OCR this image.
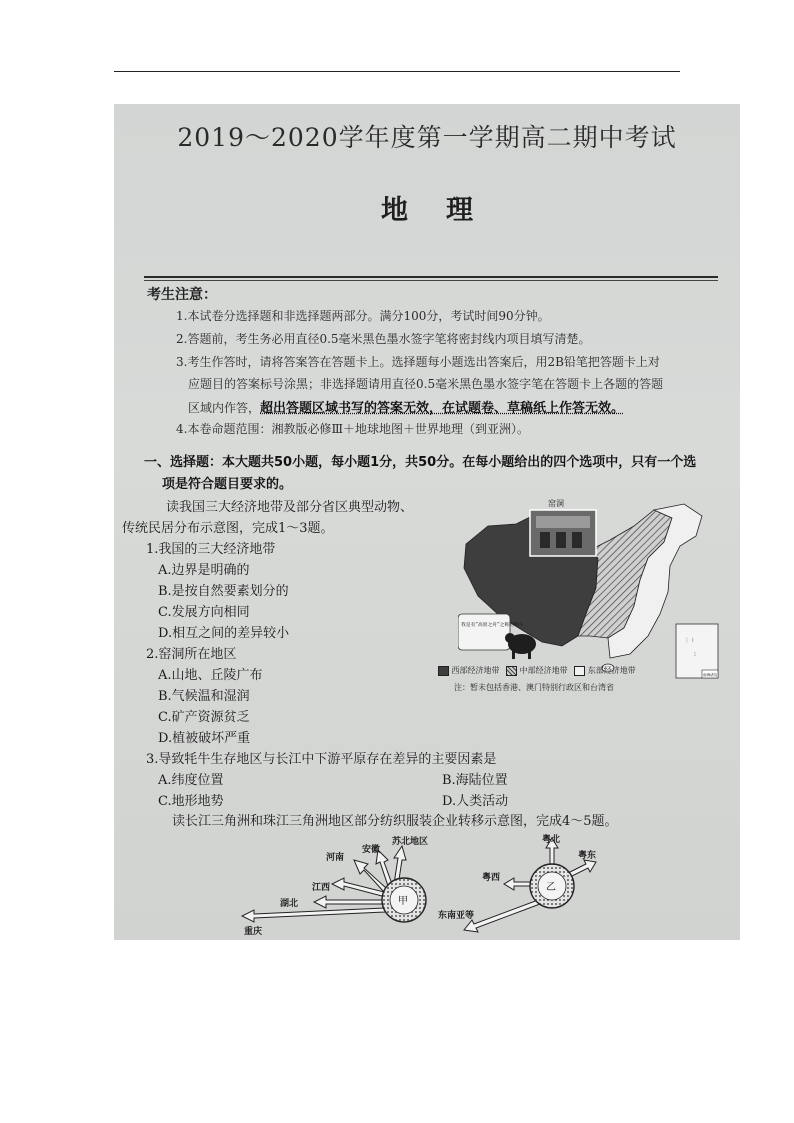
2019～2020学年度第一学期高二期中考试
地理
考生注意：
1.本试卷分选择题和非选择题两部分。满分100分，考试时间90分钟。
2.答题前，考生务必用直径0.5毫米黑色墨水签字笔将密封线内项目填写清楚。
3.考生作答时，请将答案答在答题卡上。选择题每小题选出答案后，用2B铅笔把答题卡上对
应题目的答案标号涂黑；非选择题请用直径0.5毫米黑色墨水签字笔在答题卡上各题的答题
区域内作答，超出答题区域书写的答案无效，在试题卷、草稿纸上作答无效。
4.本卷命题范围：湘教版必修Ⅲ＋地球地图＋世界地理（到亚洲）。
一、选择题：本大题共50小题，每小题1分，共50分。在每小题给出的四个选项中，只有一个选
项是符合题目要求的。
读我国三大经济地带及部分省区典型动物、
传统民居分布示意图，完成1～3题。
1.我国的三大经济地带
A.边界是明确的
B.是按自然要素划分的
C.发展方向相同
D.相互之间的差异较小
2.窑洞所在地区
A.山地、丘陵广布
B.气候温和湿润
C.矿产资源贫乏
D.植被破坏严重
3.导致牦牛生存地区与长江中下游平原存在差异的主要因素是
A.纬度位置	B.海陆位置
C.地形地势	D.人类活动
窑洞
我是有“高原之舟”之称的牦牛
⋮ ⁞
⁝
南海诸岛
西部经济地带	中部经济地带	东部经济地带
注：暂未包括香港、澳门特别行政区和台湾省
读长江三角洲和珠江三角洲地区部分纺织服装企业转移示意图，完成4～5题。
甲
河南
安徽
苏北地区
江西
湖北
重庆
乙
粤北
粤东
粤西
东南亚等
